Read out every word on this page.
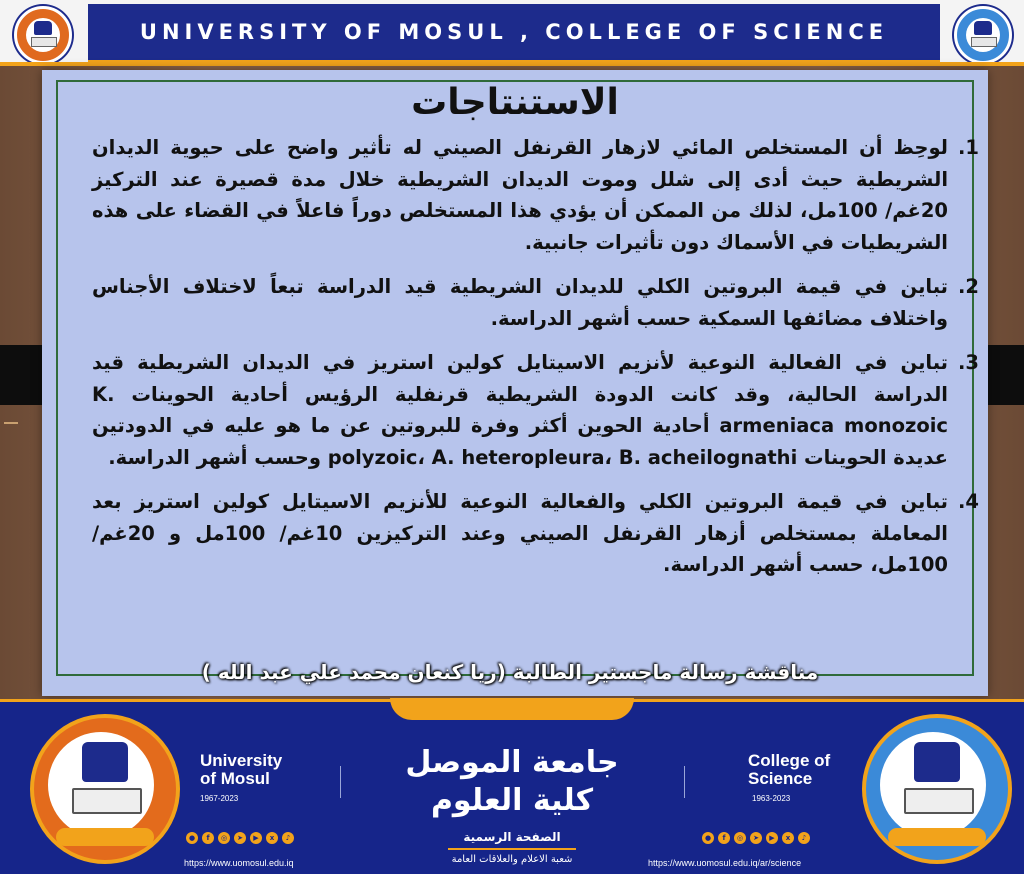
UNIVERSITY OF MOSUL , COLLEGE OF SCIENCE
الاستنتاجات
.1
لوحِظ أن المستخلص المائي لازهار القرنفل الصيني له تأثير واضح على حيوية الديدان الشريطية حيث أدى إلى شلل وموت الديدان الشريطية خلال مدة قصيرة عند التركيز 20غم/ 100مل، لذلك من الممكن أن يؤدي هذا المستخلص دوراً فاعلاً في القضاء على هذه الشريطيات في الأسماك دون تأثيرات جانبية.
.2
تباين في قيمة البروتين الكلي للديدان الشريطية قيد الدراسة تبعاً لاختلاف الأجناس واختلاف مضائفها السمكية حسب أشهر الدراسة.
.3
تباين في الفعالية النوعية لأنزيم الاسيتايل كولين استريز في الديدان الشريطية قيد الدراسة الحالية، وقد كانت الدودة الشريطية قرنفلية الرؤيس أحادية الحوينات K. armeniaca monozoic أحادية الحوين أكثر وفرة للبروتين عن ما هو عليه في الدودتين عديدة الحوينات polyzoic، A. heteropleura، B. acheilognathi وحسب أشهر الدراسة.
.4
تباين في قيمة البروتين الكلي والفعالية النوعية للأنزيم الاسيتايل كولين استريز بعد المعاملة بمستخلص أزهار القرنفل الصيني وعند التركيزين 10غم/ 100مل و 20غم/ 100مل، حسب أشهر الدراسة.
مناقشة رسالة ماجستير الطالبة (ريا كنعان محمد علي عبد الله )
University
of Mosul
1967-2023
جامعة الموصل
كلية العلوم
الصفحة الرسمية
شعبة الاعلام والعلاقات العامة
College of
Science
1963-2023
●	f	◎	➤	▶	x	♪	●	f	◎	➤	▶	x	♪
https://www.uomosul.edu.iq	https://www.uomosul.edu.iq/ar/science
